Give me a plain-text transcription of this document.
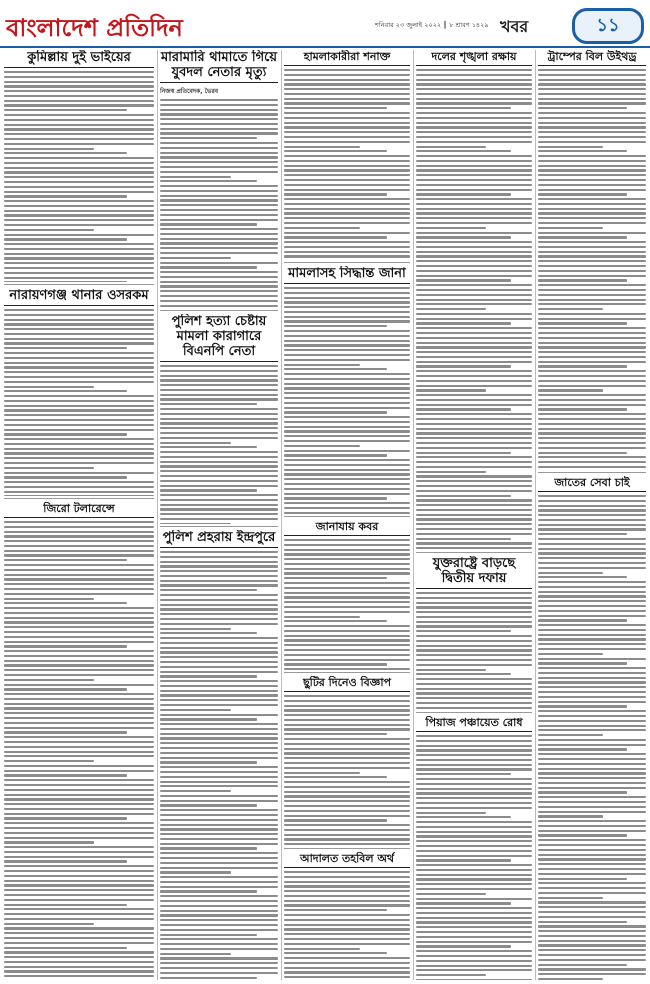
বাংলাদেশ প্রতিদিন	শনিবার ২৩ জুলাই ২০২২ ║ ৮ শ্রাবণ ১৪২৯ খবর	১১
কুমিল্লায় দুই ভাইয়ের
নারায়ণগঞ্জ থানার ওসরকম
জিরো টলারেন্সে
মারামারি থামাতে গিয়ে যুবদল নেতার মৃত্যু
নিজস্ব প্রতিবেদক, ভৈরব
পুলিশ হত্যা চেষ্টায় মামলা কারাগারে বিএনপি নেতা
পুলিশ প্রহরায় ইন্দ্রপুরে
হামলাকারীরা শনাক্ত
মামলাসহ সিদ্ধান্ত জানা
জানাযায় কবর
ছুটির দিনেও বিজ্ঞাপ
আদালত তহবিল অর্থ
দলের শৃঙ্খলা রক্ষায়
যুক্তরাষ্ট্রে বাড়ছে দ্বিতীয় দফায়
পিয়াজ পঞ্চায়েত রোধ
ট্রাম্পের বিল উইথড্র
জাতের সেবা চাই
